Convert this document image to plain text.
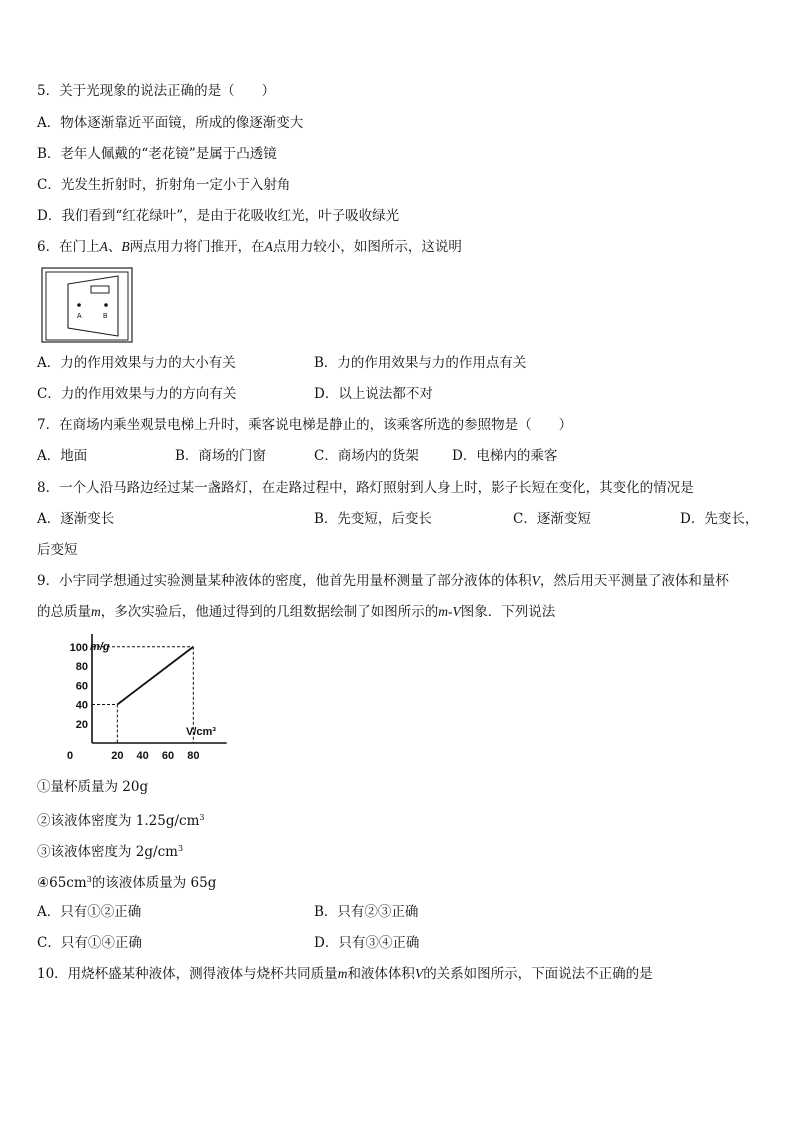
5．关于光现象的说法正确的是（　　）
A．物体逐渐靠近平面镜，所成的像逐渐变大
B．老年人佩戴的“老花镜”是属于凸透镜
C．光发生折射时，折射角一定小于入射角
D．我们看到“红花绿叶”，是由于花吸收红光，叶子吸收绿光
6．在门上A、B两点用力将门推开，在A点用力较小，如图所示，这说明
A	B
A．力的作用效果与力的大小有关	B．力的作用效果与力的作用点有关
C．力的作用效果与力的方向有关	D．以上说法都不对
7．在商场内乘坐观景电梯上升时，乘客说电梯是静止的，该乘客所选的参照物是（　　）
A．地面	B．商场的门窗	C．商场内的货架 D．电梯内的乘客
8．一个人沿马路边经过某一盏路灯，在走路过程中，路灯照射到人身上时，影子长短在变化，其变化的情况是
A．逐渐变长	B．先变短，后变长	C．逐渐变短	D．先变长，
后变短
9．小宇同学想通过实验测量某种液体的密度，他首先用量杯测量了部分液体的体积V，然后用天平测量了液体和量杯
的总质量m，多次实验后，他通过得到的几组数据绘制了如图所示的m-V图象．下列说法
m/g
V/cm³
100
80
60
40
20
0	20 40 60 80
①量杯质量为 20g
②该液体密度为 $1.25g/cm^3$
③该液体密度为 $2g/cm^3$
$④65cm^3$的该液体质量为 65g
A．只有①②正确	B．只有②③正确
C．只有①④正确	D．只有③④正确
10．用烧杯盛某种液体，测得液体与烧杯共同质量m和液体体积V的关系如图所示，下面说法不正确的是
